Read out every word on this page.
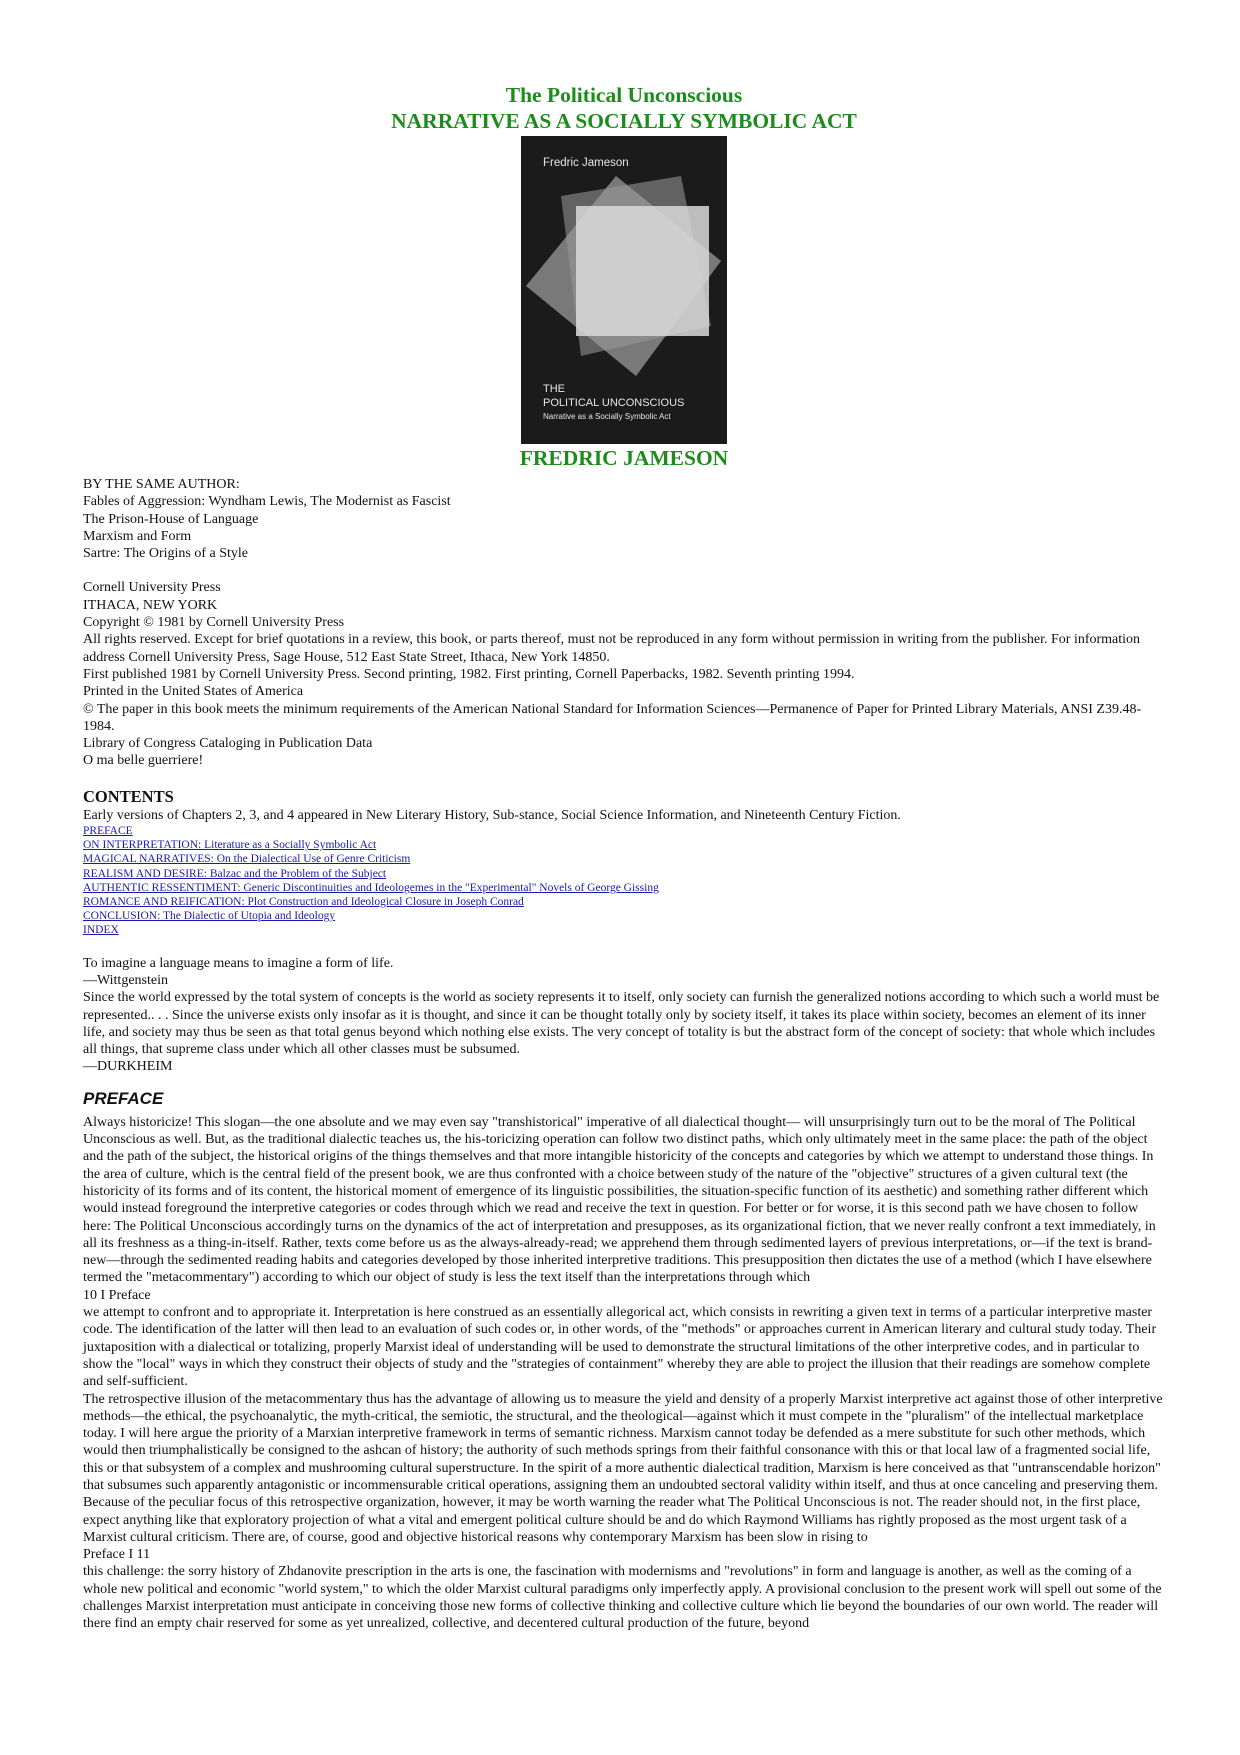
The Political Unconscious
NARRATIVE AS A SOCIALLY SYMBOLIC ACT
Fredric Jameson
THE
POLITICAL UNCONSCIOUS
Narrative as a Socially Symbolic Act
FREDRIC JAMESON

BY THE SAME AUTHOR:

Fables of Aggression: Wyndham Lewis, The Modernist as Fascist

The Prison-House of Language

Marxism and Form

Sartre: The Origins of a Style

Cornell University Press

ITHACA, NEW YORK

Copyright © 1981 by Cornell University Press

All rights reserved. Except for brief quotations in a review, this book, or parts thereof, must not be reproduced in any form without permission in writing from the publisher. For information address Cornell University Press, Sage House, 512 East State Street, Ithaca, New York 14850.

First published 1981 by Cornell University Press. Second printing, 1982. First printing, Cornell Paperbacks, 1982. Seventh printing 1994.

Printed in the United States of America

© The paper in this book meets the minimum requirements of the American National Standard for Information Sciences—Permanence of Paper for Printed Library Materials, ANSI Z39.48-1984.

Library of Congress Cataloging in Publication Data

O ma belle guerriere!

CONTENTS

Early versions of Chapters 2, 3, and 4 appeared in New Literary History, Sub-stance, Social Science Information, and Nineteenth Century Fiction.

PREFACE
ON INTERPRETATION: Literature as a Socially Symbolic Act
MAGICAL NARRATIVES: On the Dialectical Use of Genre Criticism
REALISM AND DESIRE: Balzac and the Problem of the Subject
AUTHENTIC RESSENTIMENT: Generic Discontinuities and Ideologemes in the "Experimental" Novels of George Gissing
ROMANCE AND REIFICATION: Plot Construction and Ideological Closure in Joseph Conrad
CONCLUSION: The Dialectic of Utopia and Ideology
INDEX

To imagine a language means to imagine a form of life.

—Wittgenstein

Since the world expressed by the total system of concepts is the world as society represents it to itself, only society can furnish the generalized notions according to which such a world must be represented.. . . Since the universe exists only insofar as it is thought, and since it can be thought totally only by society itself, it takes its place within society, becomes an element of its inner life, and society may thus be seen as that total genus beyond which nothing else exists. The very concept of totality is but the abstract form of the concept of society: that whole which includes all things, that supreme class under which all other classes must be subsumed.

—DURKHEIM

PREFACE

Always historicize! This slogan—the one absolute and we may even say "transhistorical" imperative of all dialectical thought— will unsurprisingly turn out to be the moral of The Political Unconscious as well. But, as the traditional dialectic teaches us, the his-toricizing operation can follow two distinct paths, which only ultimately meet in the same place: the path of the object and the path of the subject, the historical origins of the things themselves and that more intangible historicity of the concepts and categories by which we attempt to understand those things. In the area of culture, which is the central field of the present book, we are thus confronted with a choice between study of the nature of the "objective" structures of a given cultural text (the historicity of its forms and of its content, the historical moment of emergence of its linguistic possibilities, the situation-specific function of its aesthetic) and something rather different which would instead foreground the interpretive categories or codes through which we read and receive the text in question. For better or for worse, it is this second path we have chosen to follow here: The Political Unconscious accordingly turns on the dynamics of the act of interpretation and presupposes, as its organizational fiction, that we never really confront a text immediately, in all its freshness as a thing-in-itself. Rather, texts come before us as the always-already-read; we apprehend them through sedimented layers of previous interpretations, or—if the text is brand-new—through the sedimented reading habits and categories developed by those inherited interpretive traditions. This presupposition then dictates the use of a method (which I have elsewhere termed the "metacommentary") according to which our object of study is less the text itself than the interpretations through which

10 I Preface

we attempt to confront and to appropriate it. Interpretation is here construed as an essentially allegorical act, which consists in rewriting a given text in terms of a particular interpretive master code. The identification of the latter will then lead to an evaluation of such codes or, in other words, of the "methods" or approaches current in American literary and cultural study today. Their juxtaposition with a dialectical or totalizing, properly Marxist ideal of understanding will be used to demonstrate the structural limitations of the other interpretive codes, and in particular to show the "local" ways in which they construct their objects of study and the "strategies of containment" whereby they are able to project the illusion that their readings are somehow complete and self-sufficient.

The retrospective illusion of the metacommentary thus has the advantage of allowing us to measure the yield and density of a properly Marxist interpretive act against those of other interpretive methods—the ethical, the psychoanalytic, the myth-critical, the semiotic, the structural, and the theological—against which it must compete in the "pluralism" of the intellectual marketplace today. I will here argue the priority of a Marxian interpretive framework in terms of semantic richness. Marxism cannot today be defended as a mere substitute for such other methods, which would then triumphalistically be consigned to the ashcan of history; the authority of such methods springs from their faithful consonance with this or that local law of a fragmented social life, this or that subsystem of a complex and mushrooming cultural superstructure. In the spirit of a more authentic dialectical tradition, Marxism is here conceived as that "untranscendable horizon" that subsumes such apparently antagonistic or incommensurable critical operations, assigning them an undoubted sectoral validity within itself, and thus at once canceling and preserving them.

Because of the peculiar focus of this retrospective organization, however, it may be worth warning the reader what The Political Unconscious is not. The reader should not, in the first place, expect anything like that exploratory projection of what a vital and emergent political culture should be and do which Raymond Williams has rightly proposed as the most urgent task of a Marxist cultural criticism. There are, of course, good and objective historical reasons why contemporary Marxism has been slow in rising to

Preface I 11

this challenge: the sorry history of Zhdanovite prescription in the arts is one, the fascination with modernisms and "revolutions" in form and language is another, as well as the coming of a whole new political and economic "world system," to which the older Marxist cultural paradigms only imperfectly apply. A provisional conclusion to the present work will spell out some of the challenges Marxist interpretation must anticipate in conceiving those new forms of collective thinking and collective culture which lie beyond the boundaries of our own world. The reader will there find an empty chair reserved for some as yet unrealized, collective, and decentered cultural production of the future, beyond
